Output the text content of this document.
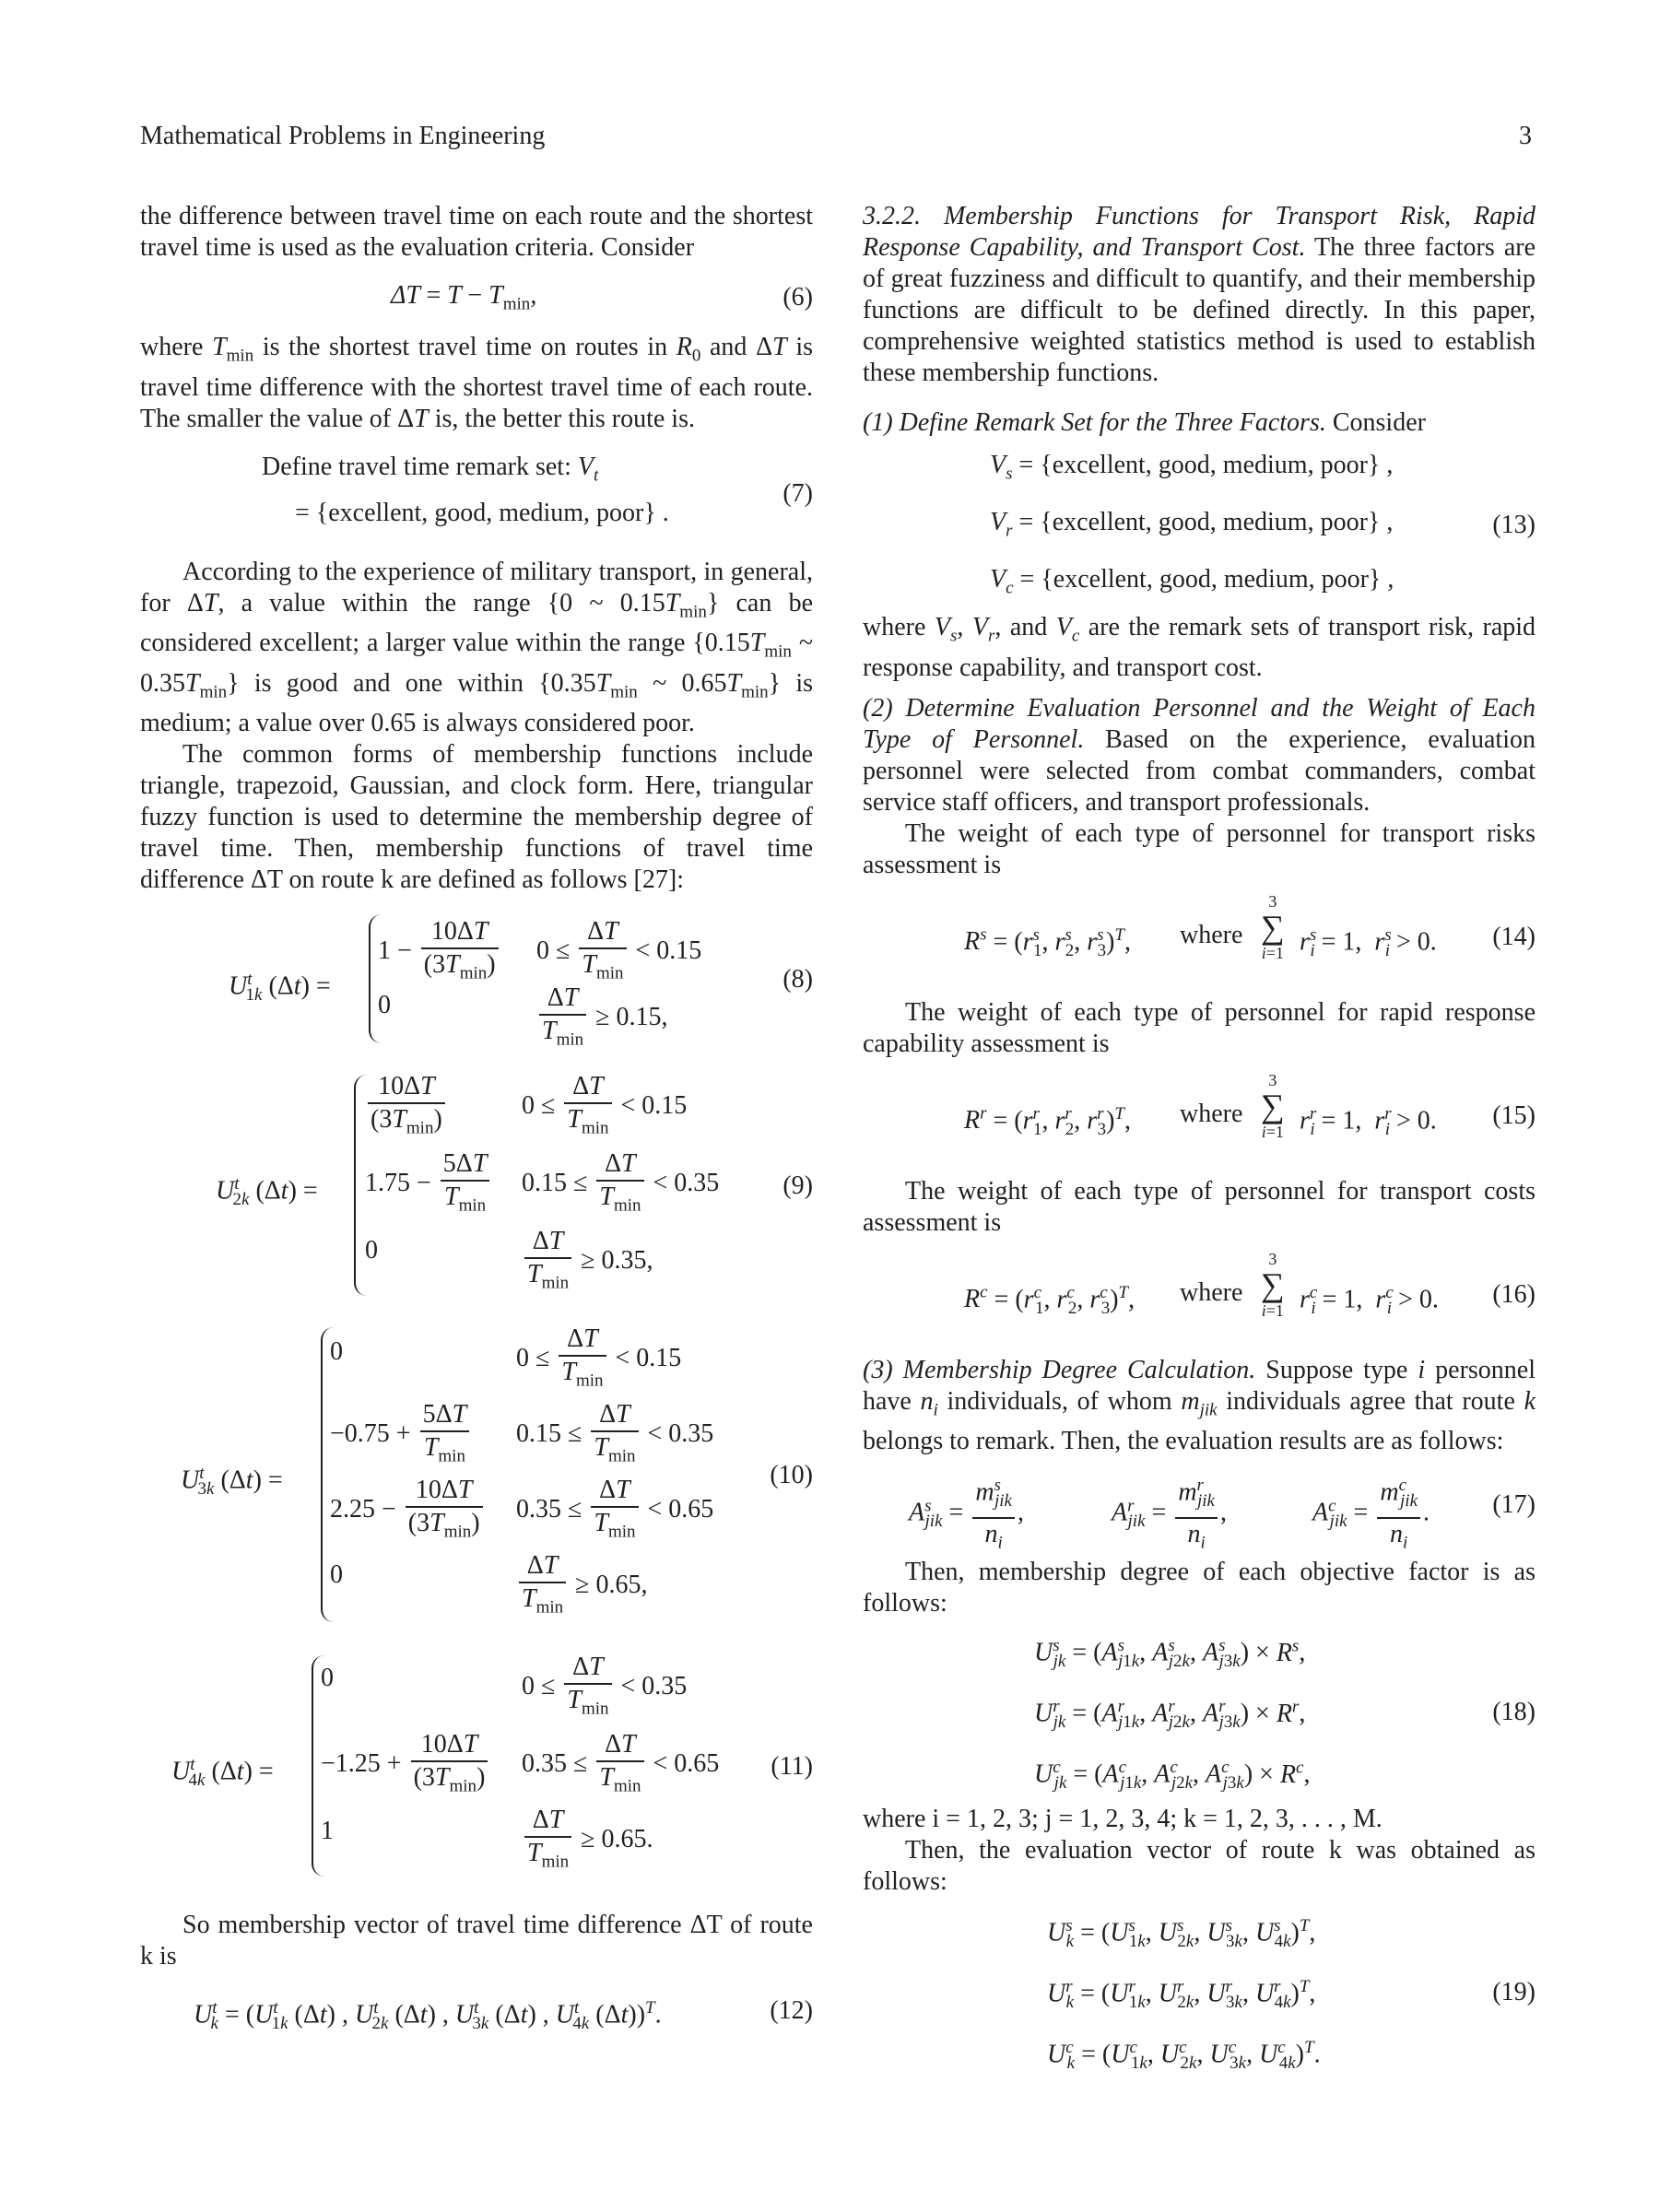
Mathematical Problems in Engineering	3

the difference between travel time on each route and the shortest travel time is used as the evaluation criteria. Consider

$\Delta T = T - T_{min}$,	(6)

where $T_{min}$ is the shortest travel time on routes in $R_0$ and ΔT is travel time difference with the shortest travel time of each route. The smaller the value of ΔT is, the better this route is.

Define travel time remark set: $V_t$
= {excellent, good, medium, poor} .
(7)

According to the experience of military transport, in general, for ΔT, a value within the range {0 ~ $0.15T_{min}$} can be considered excellent; a larger value within the range {$0.15T_{min}$ ~ $0.35T_{min}$} is good and one within {$0.35T_{min}$ ~ $0.65T_{min}$} is medium; a value over 0.65 is always considered poor.

The common forms of membership functions include triangle, trapezoid, Gaussian, and clock form. Here, triangular fuzzy function is used to determine the membership degree of travel time. Then, membership functions of travel time difference ΔT on route k are defined as follows [27]:

$U^t_{1k}$ (Δt) =
$1 - \frac{10\Delta T}{(3T_{min})} 0 \le \frac{\Delta T}{T_{min}} < 0.15$
0	$\frac{\Delta T}{T_{min}} \ge 0.15$,
(8)
$U^t_{2k}$ (Δt) =
$\frac{10\Delta T}{(3T_{min})}$	$0 \le \frac{\Delta T}{T_{min}} < 0.15$
$1.75 - \frac{5\Delta T}{T_{min}} 0.15 \le \frac{\Delta T}{T_{min}} < 0.35$
0	$\frac{\Delta T}{T_{min}} \ge 0.35$,
(9)
$U^t_{3k}$ (Δt) =
0	$0 \le \frac{\Delta T}{T_{min}} < 0.15$
$-0.75 + \frac{5\Delta T}{T_{min}} 0.15 \le \frac{\Delta T}{T_{min}} < 0.35$
$2.25 - \frac{10\Delta T}{(3T_{min})} 0.35 \le \frac{\Delta T}{T_{min}} < 0.65$
0	$\frac{\Delta T}{T_{min}} \ge 0.65$,
(10)
$U^t_{4k}$ (Δt) =
0	$0 \le \frac{\Delta T}{T_{min}} < 0.35$
$-1.25 + \frac{10\Delta T}{(3T_{min})} 0.35 \le \frac{\Delta T}{T_{min}} < 0.65$
1	$\frac{\Delta T}{T_{min}} \ge 0.65$.
(11)

So membership vector of travel time difference ΔT of route k is

$U^t_k = (U^t_{1k}$ (Δt) , $U^t_{2k}$ (Δt) , $U^t_{3k}$ (Δt) , $U^t_{4k}$ (Δt))$^T$.	(12)

3.2.2. Membership Functions for Transport Risk, Rapid Response Capability, and Transport Cost. The three factors are of great fuzziness and difficult to quantify, and their membership functions are difficult to be defined directly. In this paper, comprehensive weighted statistics method is used to establish these membership functions.

(1) Define Remark Set for the Three Factors. Consider

$V_s$ = {excellent, good, medium, poor} ,
$V_r$ = {excellent, good, medium, poor} ,
$V_c$ = {excellent, good, medium, poor} ,
(13)

where $V_s$, $V_r$, and $V_c$ are the remark sets of transport risk, rapid response capability, and transport cost.

(2) Determine Evaluation Personnel and the Weight of Each Type of Personnel. Based on the experience, evaluation personnel were selected from combat commanders, combat service staff officers, and transport professionals.

The weight of each type of personnel for transport risks assessment is

$R^s = (r^s_1$, $r^s_2$, $r^s_3)^T$, where
3
∑
i=1 $r^s_i = 1$,  $r^s_i > 0$. (14)

The weight of each type of personnel for rapid response capability assessment is

$R^r = (r^r_1$, $r^r_2$, $r^r_3)^T$, where
3
∑
i=1 $r^r_i = 1$,  $r^r_i > 0$. (15)

The weight of each type of personnel for transport costs assessment is

$R^c = (r^c_1$, $r^c_2$, $r^c_3)^T$, where
3
∑
i=1 $r^c_i = 1$,  $r^c_i > 0$. (16)

(3) Membership Degree Calculation. Suppose type i personnel have $n_i$ individuals, of whom $m_{jik}$ individuals agree that route k belongs to remark. Then, the evaluation results are as follows:

$A^s_{jik} = \frac{m^s_{jik}}{n_i}$ ,	$A^r_{jik} = \frac{m^r_{jik}}{n_i}$ ,	$A^c_{jik} = \frac{m^c_{jik}}{n_i}$ . (17)

Then, membership degree of each objective factor is as follows:

$U^s_{jk} = (A^s_{j1k}$, $A^s_{j2k}$, $A^s_{j3k}) \times R^s$,
$U^r_{jk} = (A^r_{j1k}$, $A^r_{j2k}$, $A^r_{j3k}) \times R^r$,
$U^c_{jk} = (A^c_{j1k}$, $A^c_{j2k}$, $A^c_{j3k}) \times R^c$,
(18)

where i = 1, 2, 3; j = 1, 2, 3, 4; k = 1, 2, 3, . . . , M.

Then, the evaluation vector of route k was obtained as follows:

$U^s_k = (U^s_{1k}$, $U^s_{2k}$, $U^s_{3k}$, $U^s_{4k})^T$,
$U^r_k = (U^r_{1k}$, $U^r_{2k}$, $U^r_{3k}$, $U^r_{4k})^T$,
$U^c_k = (U^c_{1k}$, $U^c_{2k}$, $U^c_{3k}$, $U^c_{4k})^T$.
(19)
